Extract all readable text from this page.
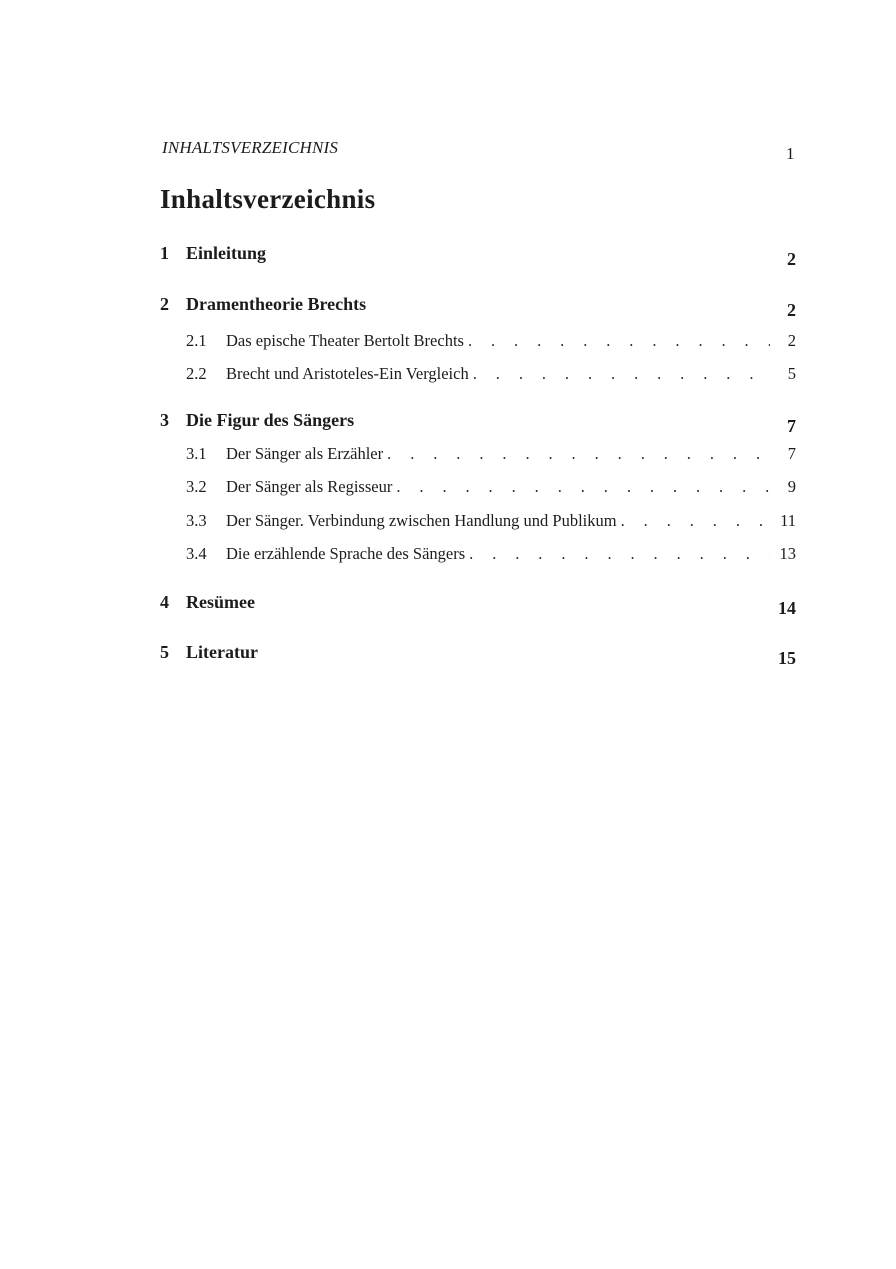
INHALTSVERZEICHNIS	1
Inhaltsverzeichnis
1 Einleitung	2
2 Dramentheorie Brechts	2
2.1 Das epische Theater Bertolt Brechts . . .	2
2.2 Brecht und Aristoteles-Ein Vergleich . . .	5
3 Die Figur des Sängers	7
3.1 Der Sänger als Erzähler . . .	7
3.2 Der Sänger als Regisseur . . .	9
3.3 Der Sänger. Verbindung zwischen Handlung und Publikum . . .	11
3.4 Die erzählende Sprache des Sängers . . .	13
4 Resümee	14
5 Literatur	15
